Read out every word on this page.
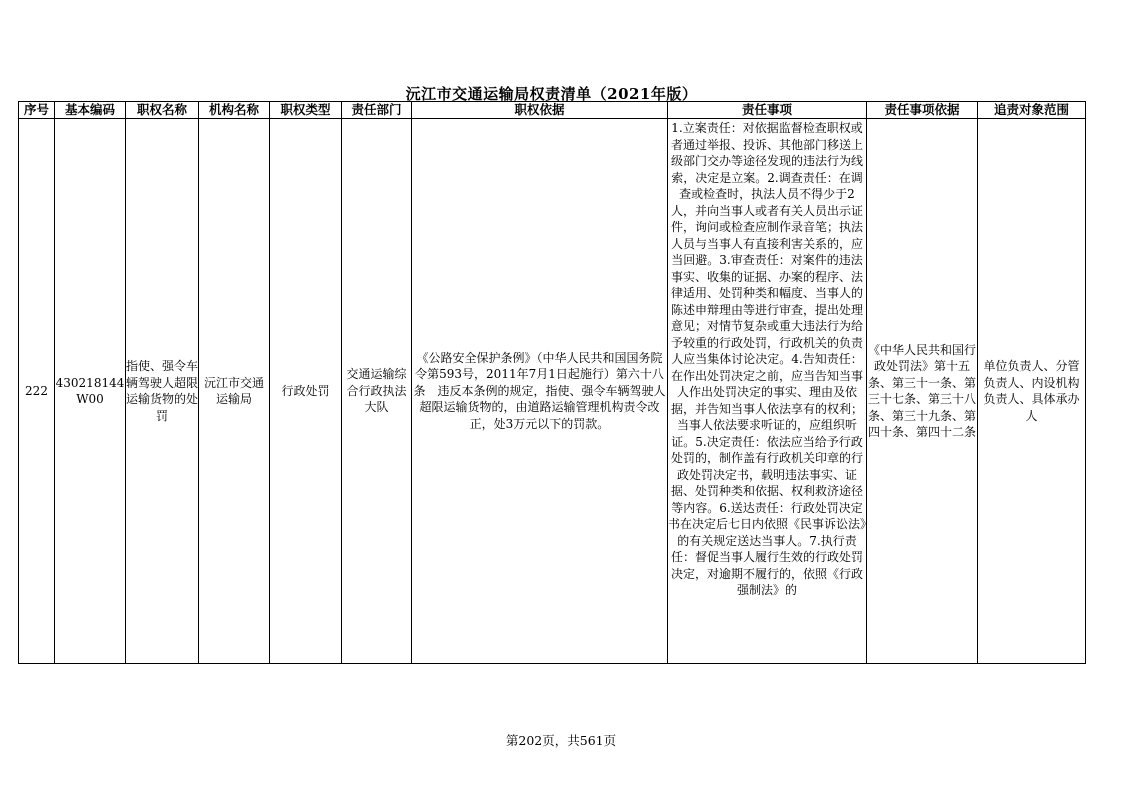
沅江市交通运输局权责清单（2021年版）
序号	基本编码	职权名称	机构名称	职权类型	责任部门	职权依据	责任事项	责任事项依据	追责对象范围
222	430218144W00	指使、强令车辆驾驶人超限运输货物的处罚	沅江市交通运输局	行政处罚	交通运输综合行政执法大队	《公路安全保护条例》（中华人民共和国国务院令第593号，2011年7月1日起施行）第六十八条　违反本条例的规定，指使、强令车辆驾驶人超限运输货物的，由道路运输管理机构责令改正，处3万元以下的罚款。	1.立案责任：对依据监督检查职权或者通过举报、投诉、其他部门移送上级部门交办等途径发现的违法行为线索，决定是立案。2.调查责任：在调查或检查时，执法人员不得少于2人，并向当事人或者有关人员出示证件，询问或检查应制作录音笔；执法人员与当事人有直接利害关系的，应当回避。3.审查责任：对案件的违法事实、收集的证据、办案的程序、法律适用、处罚种类和幅度、当事人的陈述申辩理由等进行审查，提出处理意见；对情节复杂或重大违法行为给予较重的行政处罚，行政机关的负责人应当集体讨论决定。4.告知责任：在作出处罚决定之前，应当告知当事人作出处罚决定的事实、理由及依据，并告知当事人依法享有的权利；当事人依法要求听证的，应组织听证。5.决定责任：依法应当给予行政处罚的，制作盖有行政机关印章的行政处罚决定书，载明违法事实、证据、处罚种类和依据、权利救济途径等内容。6.送达责任：行政处罚决定书在决定后七日内依照《民事诉讼法》的有关规定送达当事人。7.执行责任：督促当事人履行生效的行政处罚决定，对逾期不履行的，依照《行政强制法》的	《中华人民共和国行政处罚法》第十五条、第三十一条、第三十七条、第三十八条、第三十九条、第四十条、第四十二条	单位负责人、分管负责人、内设机构负责人、具体承办人
第202页，共561页
